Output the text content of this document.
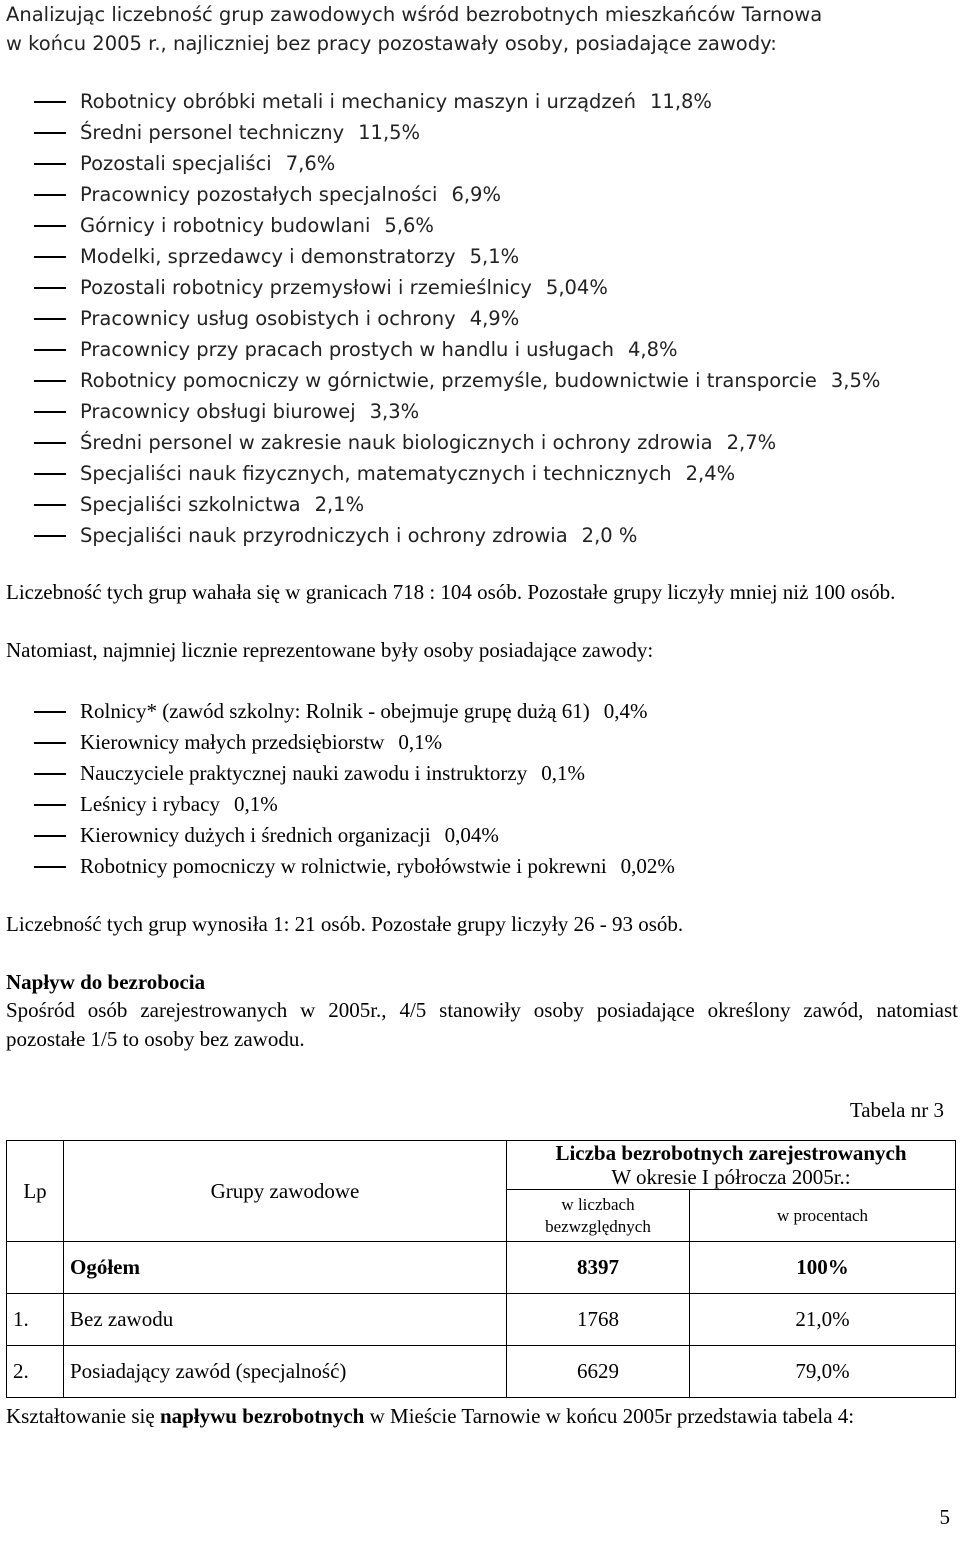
Analizując liczebność grup zawodowych wśród bezrobotnych mieszkańców Tarnowa
w końcu 2005 r., najliczniej bez pracy pozostawały osoby, posiadające zawody:
Robotnicy obróbki metali i mechanicy maszyn i urządzeń 11,8%
Średni personel techniczny 11,5%
Pozostali specjaliści 7,6%
Pracownicy pozostałych specjalności 6,9%
Górnicy i robotnicy budowlani 5,6%
Modelki, sprzedawcy i demonstratorzy 5,1%
Pozostali robotnicy przemysłowi i rzemieślnicy 5,04%
Pracownicy usług osobistych i ochrony 4,9%
Pracownicy przy pracach prostych w handlu i usługach 4,8%
Robotnicy pomocniczy w górnictwie, przemyśle, budownictwie i transporcie 3,5%
Pracownicy obsługi biurowej 3,3%
Średni personel w zakresie nauk biologicznych i ochrony zdrowia 2,7%
Specjaliści nauk fizycznych, matematycznych i technicznych 2,4%
Specjaliści szkolnictwa 2,1%
Specjaliści nauk przyrodniczych i ochrony zdrowia 2,0 %
Liczebność tych grup wahała się w granicach 718 : 104 osób. Pozostałe grupy liczyły mniej niż 100 osób.
Natomiast, najmniej licznie reprezentowane były osoby posiadające zawody:
Rolnicy* (zawód szkolny: Rolnik - obejmuje grupę dużą 61) 0,4%
Kierownicy małych przedsiębiorstw 0,1%
Nauczyciele praktycznej nauki zawodu i instruktorzy 0,1%
Leśnicy i rybacy 0,1%
Kierownicy dużych i średnich organizacji 0,04%
Robotnicy pomocniczy w rolnictwie, rybołówstwie i pokrewni 0,02%
Liczebność tych grup wynosiła 1: 21 osób. Pozostałe grupy liczyły 26 - 93 osób.
Napływ do bezrobocia
Spośród osób zarejestrowanych w 2005r., 4/5 stanowiły osoby posiadające określony zawód, natomiast pozostałe 1/5 to osoby bez zawodu.
Tabela nr 3
Lp	Grupy zawodowe	Liczba bezrobotnych zarejestrowanych
W okresie I półrocza 2005r.:	

		w liczbach bezwzględnych	w procentach
	Ogółem	8397	100%
1.	Bez zawodu	1768	21,0%
2.	Posiadający zawód (specjalność)	6629	79,0%
Kształtowanie się napływu bezrobotnych w Mieście Tarnowie w końcu 2005r przedstawia tabela 4:
5
